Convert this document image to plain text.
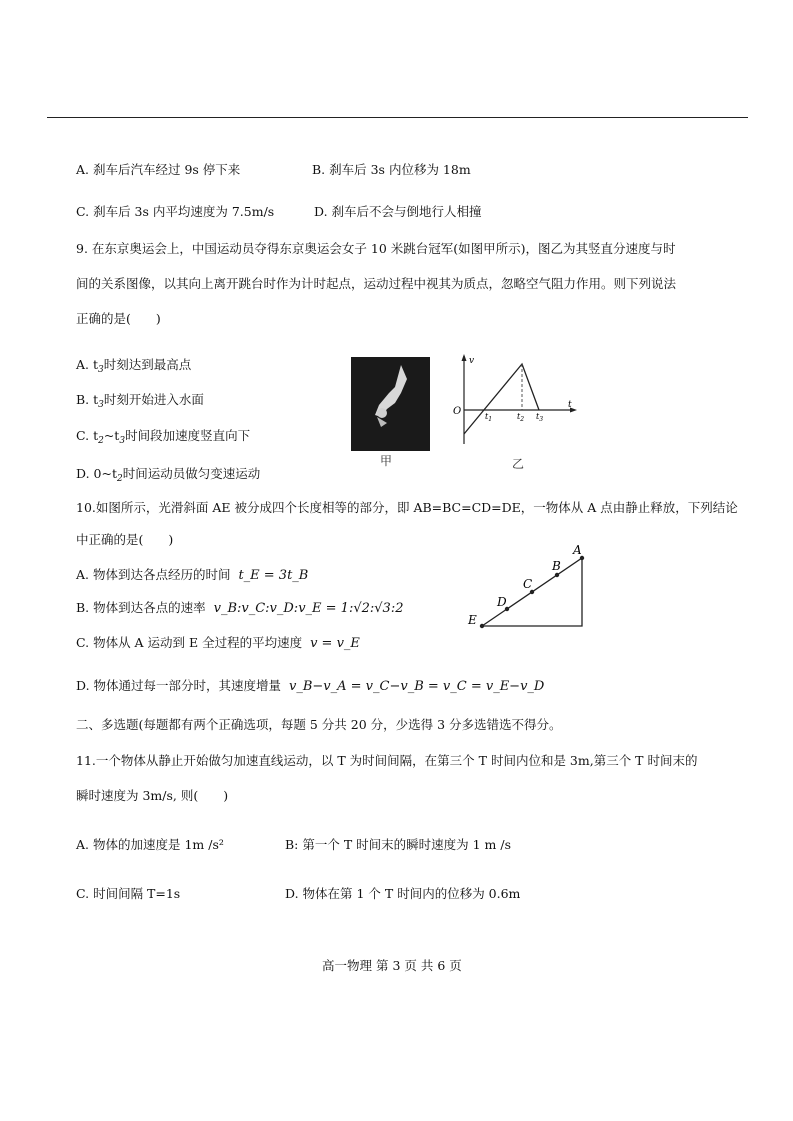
A. 刹车后汽车经过 9s 停下来	B. 刹车后 3s 内位移为 18m
C. 刹车后 3s 内平均速度为 7.5m/s	D. 刹车后不会与倒地行人相撞
9. 在东京奥运会上，中国运动员夺得东京奥运会女子 10 米跳台冠军(如图甲所示)，图乙为其竖直分速度与时
间的关系图像，以其向上离开跳台时作为计时起点，运动过程中视其为质点，忽略空气阻力作用。则下列说法
正确的是(　　)
A. $t_3$时刻达到最高点
B. $t_3$时刻开始进入水面
C. $t_2\sim t_3$时间段加速度竖直向下
D. $0\sim t_2$时间运动员做匀变速运动
甲
v
t
O	$t_1$	$t_2$ $t_3$
乙
10.如图所示，光滑斜面 AE 被分成四个长度相等的部分，即 AB=BC=CD=DE，一物体从 A 点由静止释放，下列结论
中正确的是(　　)
A. 物体到达各点经历的时间 t_E = 3t_B
B. 物体到达各点的速率 v_B:v_C:v_D:v_E = 1:√2:√3:2
C. 物体从 A 运动到 E 全过程的平均速度 v = v_E
D. 物体通过每一部分时，其速度增量 v_B−v_A = v_C−v_B = v_C = v_E−v_D
A
B
C
D
E
二、多选题(每题都有两个正确选项，每题 5 分共 20 分，少选得 3 分多选错选不得分。
11.一个物体从静止开始做匀加速直线运动，以 T 为时间间隔，在第三个 T 时间内位和是 3m,第三个 T 时间末的
瞬时速度为 3m/s, 则(　　)
A. 物体的加速度是 1m /s²	B: 第一个 T 时间末的瞬时速度为 1 m /s
C. 时间间隔 T=1s	D. 物体在第 1 个 T 时间内的位移为 0.6m
高一物理 第 3 页 共 6 页
